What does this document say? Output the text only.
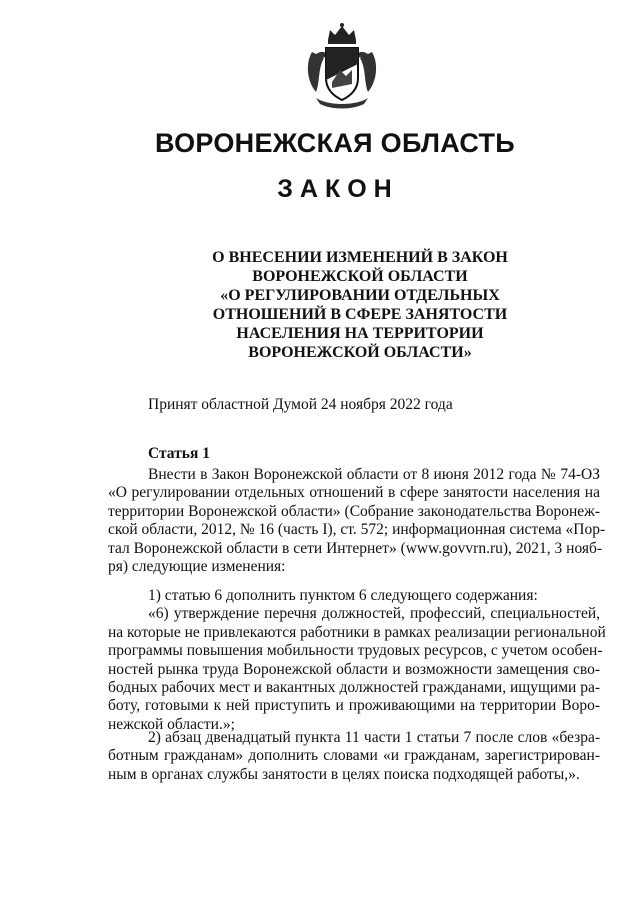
ВОРОНЕЖСКАЯ ОБЛАСТЬ
ЗАКОН
О ВНЕСЕНИИ ИЗМЕНЕНИЙ В ЗАКОН
ВОРОНЕЖСКОЙ ОБЛАСТИ
«О РЕГУЛИРОВАНИИ ОТДЕЛЬНЫХ
ОТНОШЕНИЙ В СФЕРЕ ЗАНЯТОСТИ
НАСЕЛЕНИЯ НА ТЕРРИТОРИИ
ВОРОНЕЖСКОЙ ОБЛАСТИ»
Принят областной Думой 24 ноября 2022 года
Статья 1
Внести в Закон Воронежской области от 8 июня 2012 года № 74-ОЗ
«О регулировании отдельных отношений в сфере занятости населения на
территории Воронежской области» (Собрание законодательства Воронеж-
ской области, 2012, № 16 (часть I), ст. 572; информационная система «Пор-
тал Воронежской области в сети Интернет» (www.govvrn.ru), 2021, 3 нояб-
ря) следующие изменения:
1) статью 6 дополнить пунктом 6 следующего содержания:
«6) утверждение перечня должностей, профессий, специальностей,
на которые не привлекаются работники в рамках реализации региональной
программы повышения мобильности трудовых ресурсов, с учетом особен-
ностей рынка труда Воронежской области и возможности замещения сво-
бодных рабочих мест и вакантных должностей гражданами, ищущими ра-
боту, готовыми к ней приступить и проживающими на территории Воро-
нежской области.»;
2) абзац двенадцатый пункта 11 части 1 статьи 7 после слов «безра-
ботным гражданам» дополнить словами «и гражданам, зарегистрирован-
ным в органах службы занятости в целях поиска подходящей работы,».
